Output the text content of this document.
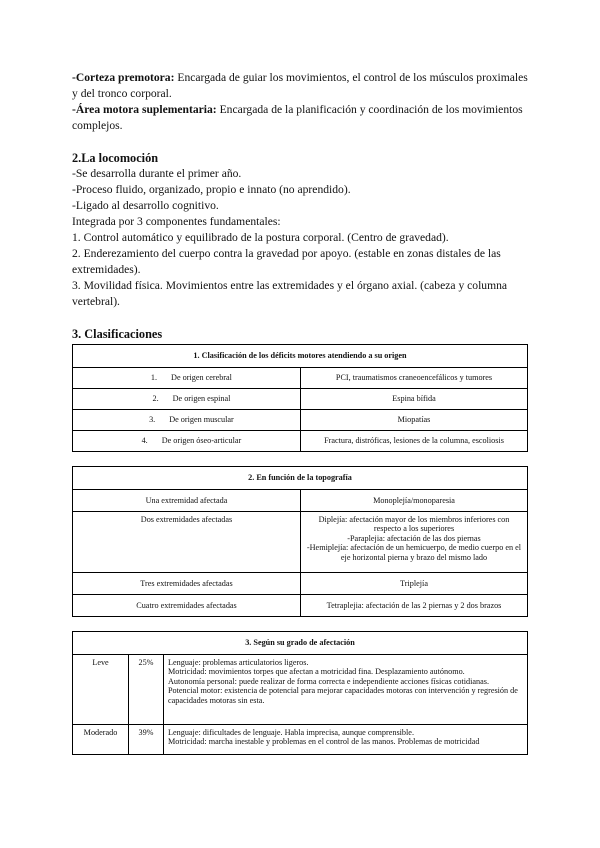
-Corteza premotora: Encargada de guiar los movimientos, el control de los músculos proximales y del tronco corporal.

-Área motora suplementaria: Encargada de la planificación y coordinación de los movimientos complejos.

2.La locomoción

-Se desarrolla durante el primer año.

-Proceso fluido, organizado, propio e innato (no aprendido).

-Ligado al desarrollo cognitivo.

Integrada por 3 componentes fundamentales:

1. Control automático y equilibrado de la postura corporal. (Centro de gravedad).

2. Enderezamiento del cuerpo contra la gravedad por apoyo. (estable en zonas distales de las extremidades).

3. Movilidad física. Movimientos entre las extremidades y el órgano axial. (cabeza y columna vertebral).

3. Clasificaciones
1. Clasificación de los déficits motores atendiendo a su origen	
1. De origen cerebral	PCI, traumatismos craneoencefálicos y tumores
2. De origen espinal	Espina bífida
3. De origen muscular	Miopatías
4. De origen óseo-articular	Fractura, distróficas, lesiones de la columna, escoliosis
2. En función de la topografía	
Una extremidad afectada	Monoplejía/monoparesia
Dos extremidades afectadas	Diplejía: afectación mayor de los miembros inferiores con respecto a los superiores
-Paraplejia: afectación de las dos piernas
-Hemiplejía: afectación de un hemicuerpo, de medio cuerpo en el eje horizontal pierna y brazo del mismo lado

Tres extremidades afectadas	Triplejía
Cuatro extremidades afectadas	Tetraplejia: afectación de las 2 piernas y 2 dos brazos
3. Según su grado de afectación		
Leve	25%	Lenguaje: problemas articulatorios ligeros.
Motricidad: movimientos torpes que afectan a motricidad fina. Desplazamiento autónomo.
Autonomía personal: puede realizar de forma correcta e independiente acciones físicas cotidianas.
Potencial motor: existencia de potencial para mejorar capacidades motoras con intervención y regresión de capacidades motoras sin esta.

Moderado	39%	Lenguaje: dificultades de lenguaje. Habla imprecisa, aunque comprensible.
Motricidad: marcha inestable y problemas en el control de las manos. Problemas de motricidad
